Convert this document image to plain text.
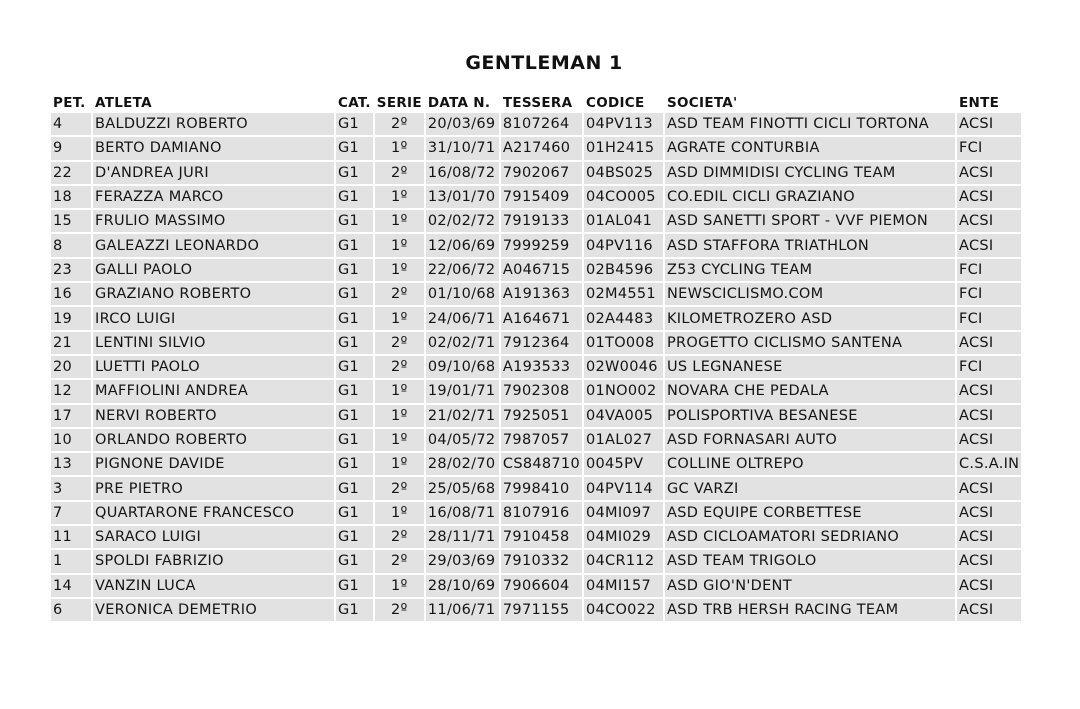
GENTLEMAN 1
PET.	ATLETA	CAT.	SERIE	DATA N.	TESSERA	CODICE	SOCIETA'	ENTE
4	BALDUZZI ROBERTO	G1	2º	20/03/69	8107264	04PV113	ASD TEAM FINOTTI CICLI TORTONA	ACSI
9	BERTO DAMIANO	G1	1º	31/10/71	A217460	01H2415	AGRATE CONTURBIA	FCI
22	D'ANDREA JURI	G1	2º	16/08/72	7902067	04BS025	ASD DIMMIDISI CYCLING TEAM	ACSI
18	FERAZZA MARCO	G1	1º	13/01/70	7915409	04CO005	CO.EDIL CICLI GRAZIANO	ACSI
15	FRULIO MASSIMO	G1	1º	02/02/72	7919133	01AL041	ASD SANETTI SPORT - VVF PIEMON	ACSI
8	GALEAZZI LEONARDO	G1	1º	12/06/69	7999259	04PV116	ASD STAFFORA TRIATHLON	ACSI
23	GALLI PAOLO	G1	1º	22/06/72	A046715	02B4596	Z53 CYCLING TEAM	FCI
16	GRAZIANO ROBERTO	G1	2º	01/10/68	A191363	02M4551	NEWSCICLISMO.COM	FCI
19	IRCO LUIGI	G1	1º	24/06/71	A164671	02A4483	KILOMETROZERO ASD	FCI
21	LENTINI SILVIO	G1	2º	02/02/71	7912364	01TO008	PROGETTO CICLISMO SANTENA	ACSI
20	LUETTI PAOLO	G1	2º	09/10/68	A193533	02W0046	US LEGNANESE	FCI
12	MAFFIOLINI ANDREA	G1	1º	19/01/71	7902308	01NO002	NOVARA CHE PEDALA	ACSI
17	NERVI ROBERTO	G1	1º	21/02/71	7925051	04VA005	POLISPORTIVA BESANESE	ACSI
10	ORLANDO ROBERTO	G1	1º	04/05/72	7987057	01AL027	ASD FORNASARI AUTO	ACSI
13	PIGNONE DAVIDE	G1	1º	28/02/70	CS848710	0045PV	COLLINE OLTREPO	C.S.A.IN
3	PRE PIETRO	G1	2º	25/05/68	7998410	04PV114	GC VARZI	ACSI
7	QUARTARONE FRANCESCO	G1	1º	16/08/71	8107916	04MI097	ASD EQUIPE CORBETTESE	ACSI
11	SARACO LUIGI	G1	2º	28/11/71	7910458	04MI029	ASD CICLOAMATORI SEDRIANO	ACSI
1	SPOLDI FABRIZIO	G1	2º	29/03/69	7910332	04CR112	ASD TEAM TRIGOLO	ACSI
14	VANZIN LUCA	G1	1º	28/10/69	7906604	04MI157	ASD GIO'N'DENT	ACSI
6	VERONICA DEMETRIO	G1	2º	11/06/71	7971155	04CO022	ASD TRB HERSH RACING TEAM	ACSI
